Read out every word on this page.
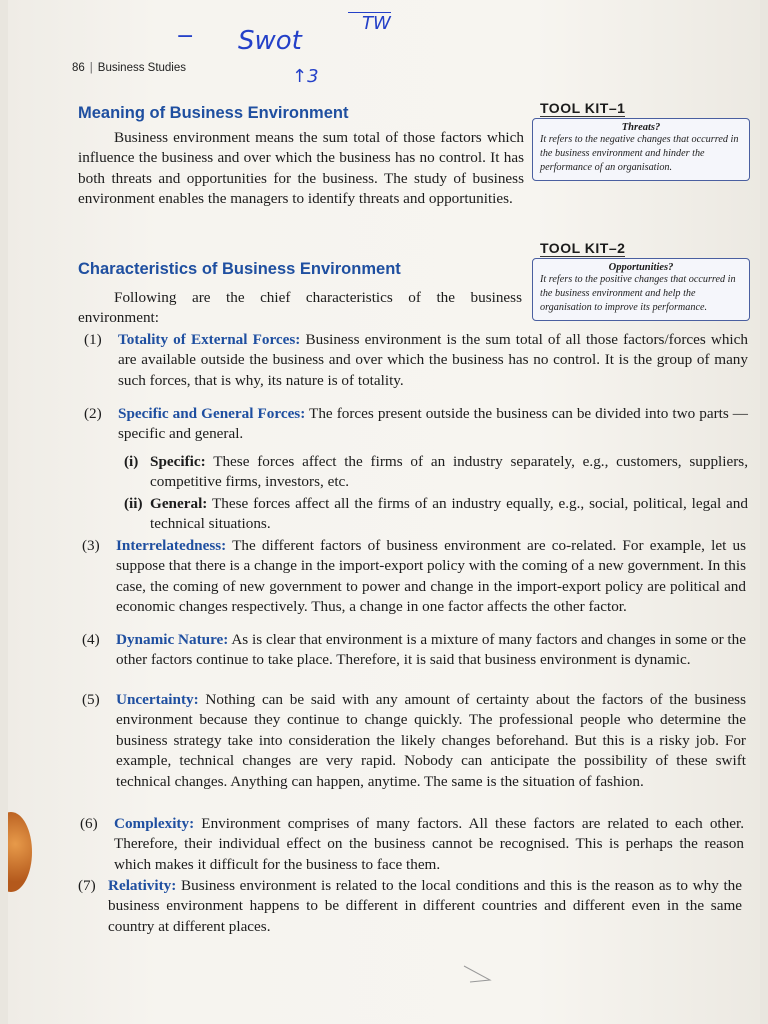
− Swot
TW
↑3
86 | Business Studies
Meaning of Business Environment

Business environment means the sum total of those factors which influence the business and over which the business has no control. It has both threats and opportunities for the business. The study of business environment enables the managers to identify threats and opportunities.

TOOL KIT–1
Threats?
It refers to the negative changes that occurred in the business environment and hinder the performance of an organisation.
TOOL KIT–2
Opportunities?
It refers to the positive changes that occurred in the business environment and help the organisation to improve its performance.
Characteristics of Business Environment

Following are the chief characteristics of the business environment:

(1) Totality of External Forces: Business environment is the sum total of all those factors/forces which are available outside the business and over which the business has no control. It is the group of many such forces, that is why, its nature is of totality.
(2) Specific and General Forces: The forces present outside the business can be divided into two parts — specific and general.
(i) Specific: These forces affect the firms of an industry separately, e.g., customers, suppliers, competitive firms, investors, etc.
(ii) General: These forces affect all the firms of an industry equally, e.g., social, political, legal and technical situations.
(3) Interrelatedness: The different factors of business environment are co-related. For example, let us suppose that there is a change in the import-export policy with the coming of a new government. In this case, the coming of new government to power and change in the import-export policy are political and economic changes respectively. Thus, a change in one factor affects the other factor.
(4) Dynamic Nature: As is clear that environment is a mixture of many factors and changes in some or the other factors continue to take place. Therefore, it is said that business environment is dynamic.
(5) Uncertainty: Nothing can be said with any amount of certainty about the factors of the business environment because they continue to change quickly. The professional people who determine the business strategy take into consideration the likely changes beforehand. But this is a risky job. For example, technical changes are very rapid. Nobody can anticipate the possibility of these swift technical changes. Anything can happen, anytime. The same is the situation of fashion.
(6) Complexity: Environment comprises of many factors. All these factors are related to each other. Therefore, their individual effect on the business cannot be recognised. This is perhaps the reason which makes it difficult for the business to face them.
(7) Relativity: Business environment is related to the local conditions and this is the reason as to why the business environment happens to be different in different countries and different even in the same country at different places.
